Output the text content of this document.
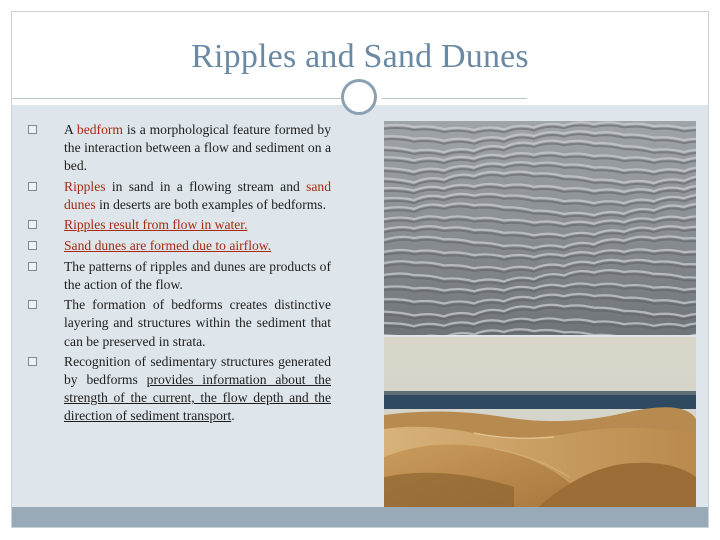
Ripples and Sand Dunes
A bedform is a morphological feature formed by the interaction between a flow and sediment on a bed.
Ripples in sand in a flowing stream and sand dunes in deserts are both examples of bedforms.
Ripples result from flow in water.
Sand dunes are formed due to airflow.
The patterns of ripples and dunes are products of the action of the flow.
The formation of bedforms creates distinctive layering and structures within the sediment that can be preserved in strata.
Recognition of sedimentary structures generated by bedforms provides information about the strength of the current, the flow depth and the direction of sediment transport.
